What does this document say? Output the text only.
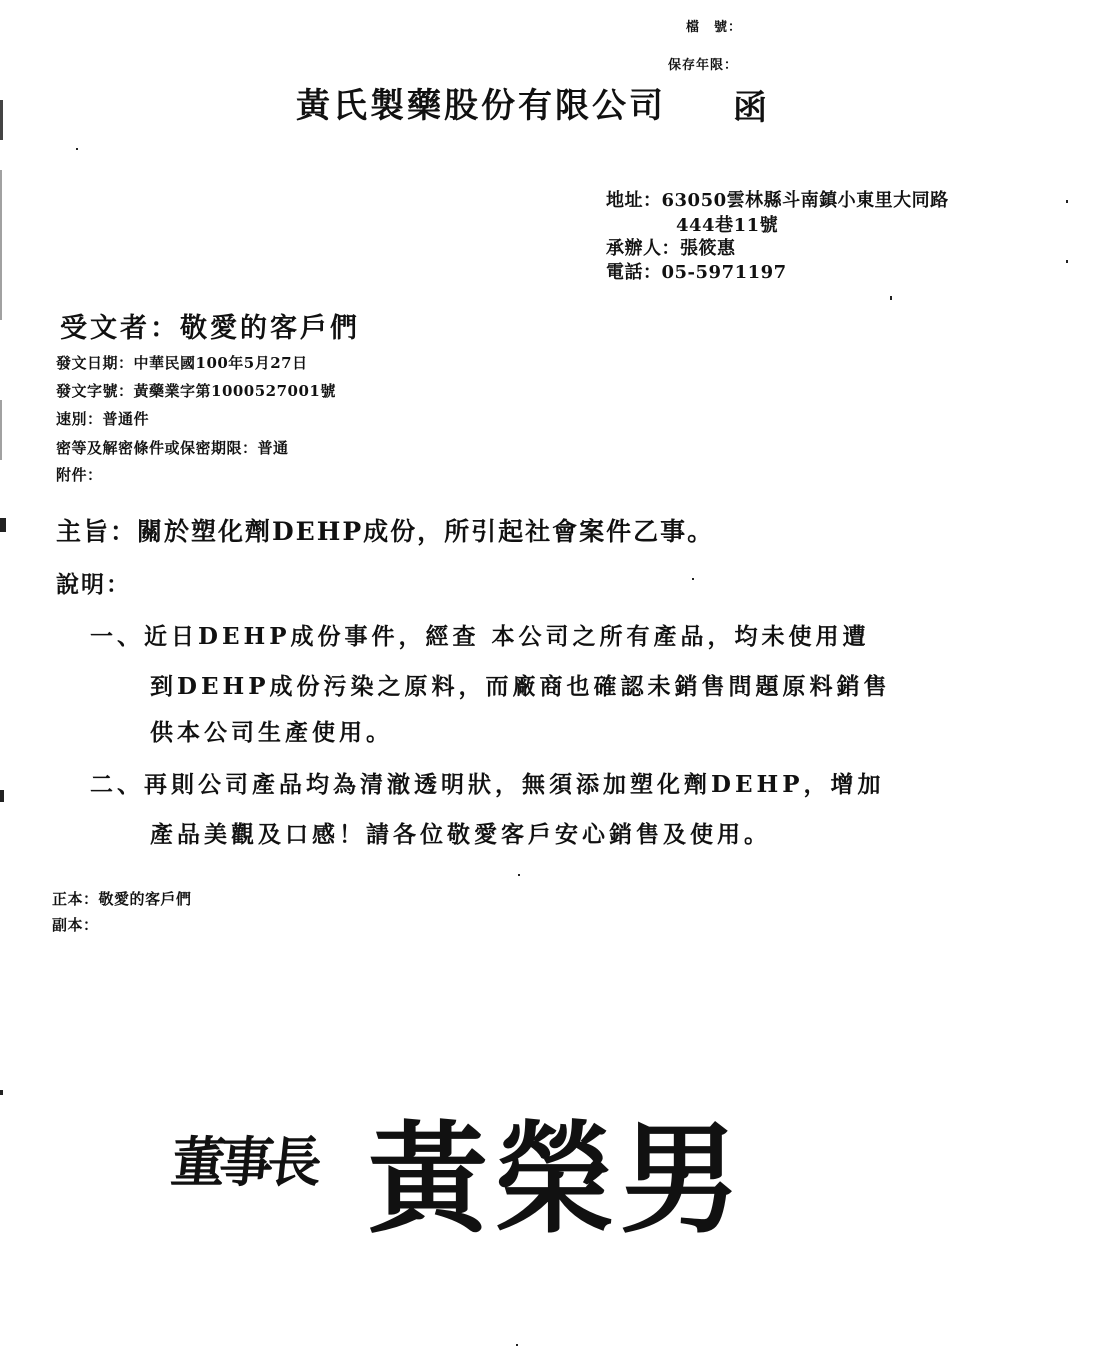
檔　號：
保存年限：
黃氏製藥股份有限公司 函
地址：63050雲林縣斗南鎮小東里大同路
444巷11號
承辦人：張筱惠
電話：05-5971197
受文者：敬愛的客戶們
發文日期：中華民國100年5月27日
發文字號：黃藥業字第1000527001號
速別：普通件
密等及解密條件或保密期限：普通
附件：
主旨：關於塑化劑DEHP成份，所引起社會案件乙事。
說明：
一、近日DEHP成份事件，經查 本公司之所有產品，均未使用遭
到DEHP成份污染之原料，而廠商也確認未銷售問題原料銷售
供本公司生產使用。
二、再則公司產品均為清澈透明狀，無須添加塑化劑DEHP，增加
產品美觀及口感！請各位敬愛客戶安心銷售及使用。
正本：敬愛的客戶們
副本：
董事長 黃榮男
